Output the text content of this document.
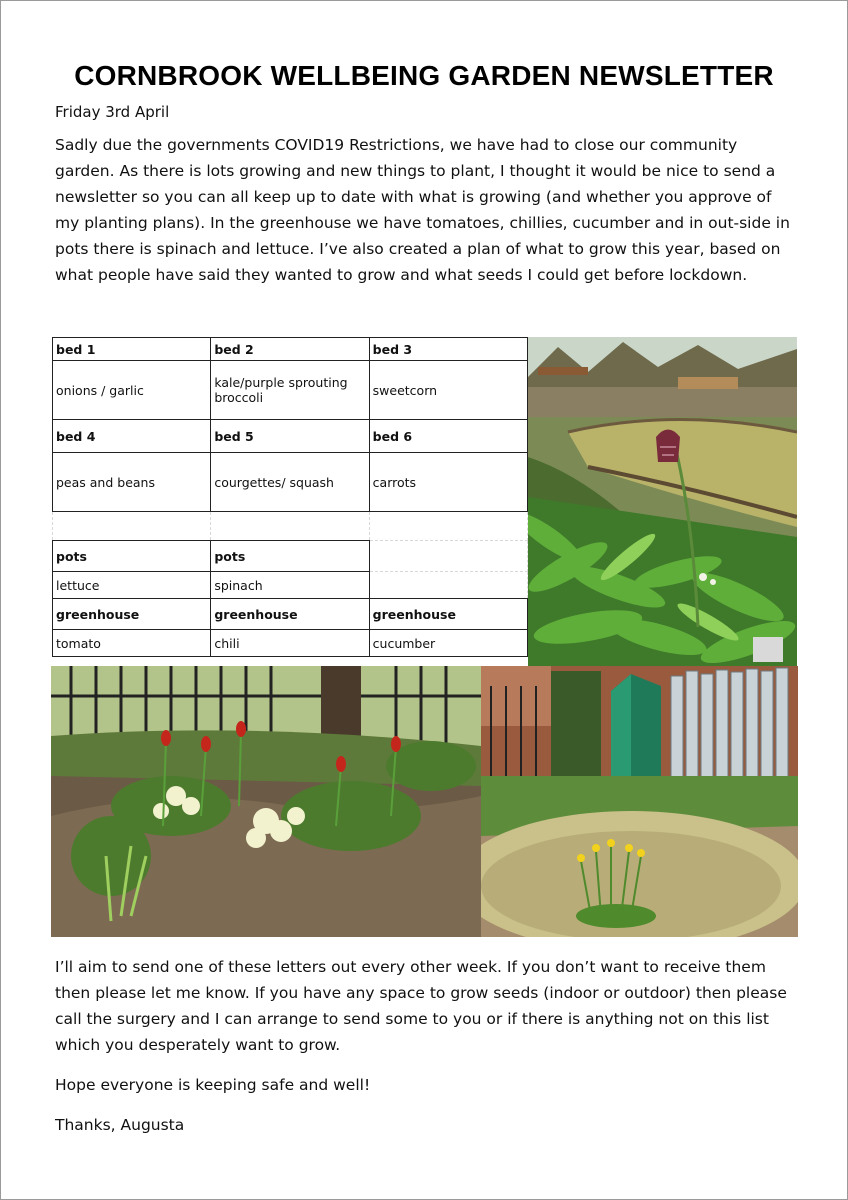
CORNBROOK WELLBEING GARDEN NEWSLETTER
Friday 3rd April

Sadly due the governments COVID19 Restrictions, we have had to close our community garden. As there is lots growing and new things to plant, I thought it would be nice to send a newsletter so you can all keep up to date with what is growing (and whether you approve of my planting plans). In the greenhouse we have tomatoes, chillies, cucumber and in out-side in pots there is spinach and lettuce. I’ve also created a plan of what to grow this year, based on what people have said they wanted to grow and what seeds I could get before lockdown.

bed 1	bed 2	bed 3
onions / garlic	kale/purple sprouting broccoli	sweetcorn
bed 4	bed 5	bed 6
peas and beans	courgettes/ squash	carrots

pots	pots	
lettuce	spinach	
greenhouse	greenhouse	greenhouse
tomato	chili	cucumber

I’ll aim to send one of these letters out every other week. If you don’t want to receive them then please let me know. If you have any space to grow seeds (indoor or outdoor) then please call the surgery and I can arrange to send some to you or if there is anything not on this list which you desperately want to grow.

Hope everyone is keeping safe and well!
Thanks, Augusta
